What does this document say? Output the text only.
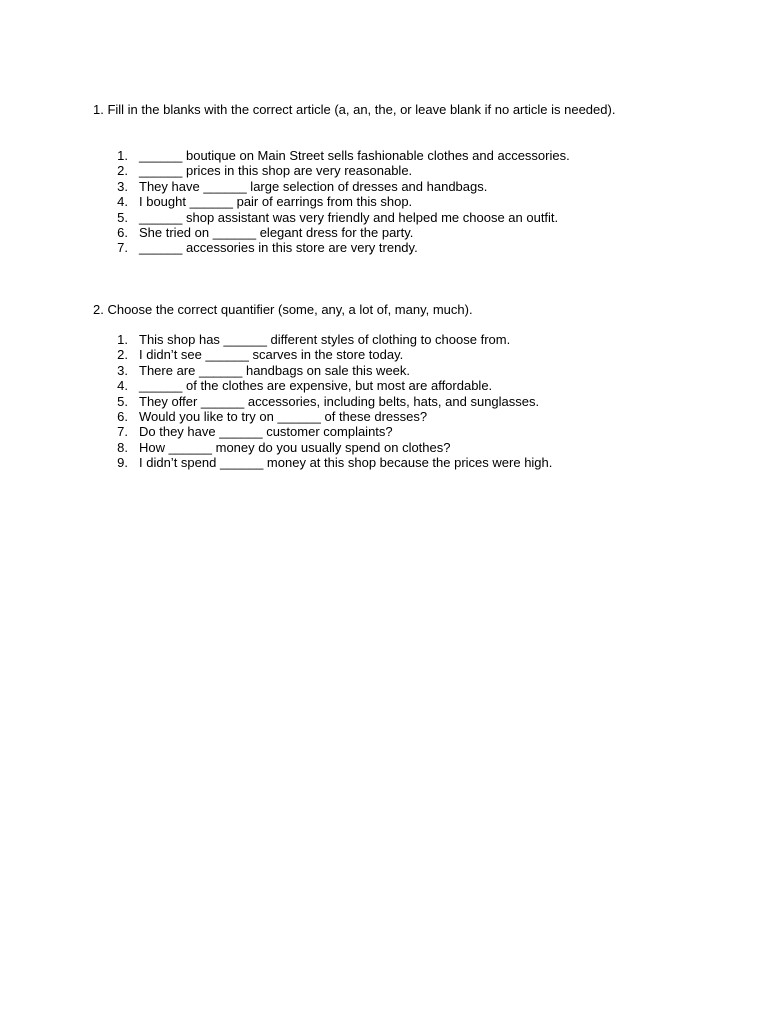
1. Fill in the blanks with the correct article (a, an, the, or leave blank if no article is needed).

1. ______ boutique on Main Street sells fashionable clothes and accessories.
2. ______ prices in this shop are very reasonable.
3. They have ______ large selection of dresses and handbags.
4. I bought ______ pair of earrings from this shop.
5. ______ shop assistant was very friendly and helped me choose an outfit.
6. She tried on ______ elegant dress for the party.
7. ______ accessories in this store are very trendy.

2. Choose the correct quantifier (some, any, a lot of, many, much).

1. This shop has ______ different styles of clothing to choose from.
2. I didn’t see ______ scarves in the store today.
3. There are ______ handbags on sale this week.
4. ______ of the clothes are expensive, but most are affordable.
5. They offer ______ accessories, including belts, hats, and sunglasses.
6. Would you like to try on ______ of these dresses?
7. Do they have ______ customer complaints?
8. How ______ money do you usually spend on clothes?
9. I didn’t spend ______ money at this shop because the prices were high.
